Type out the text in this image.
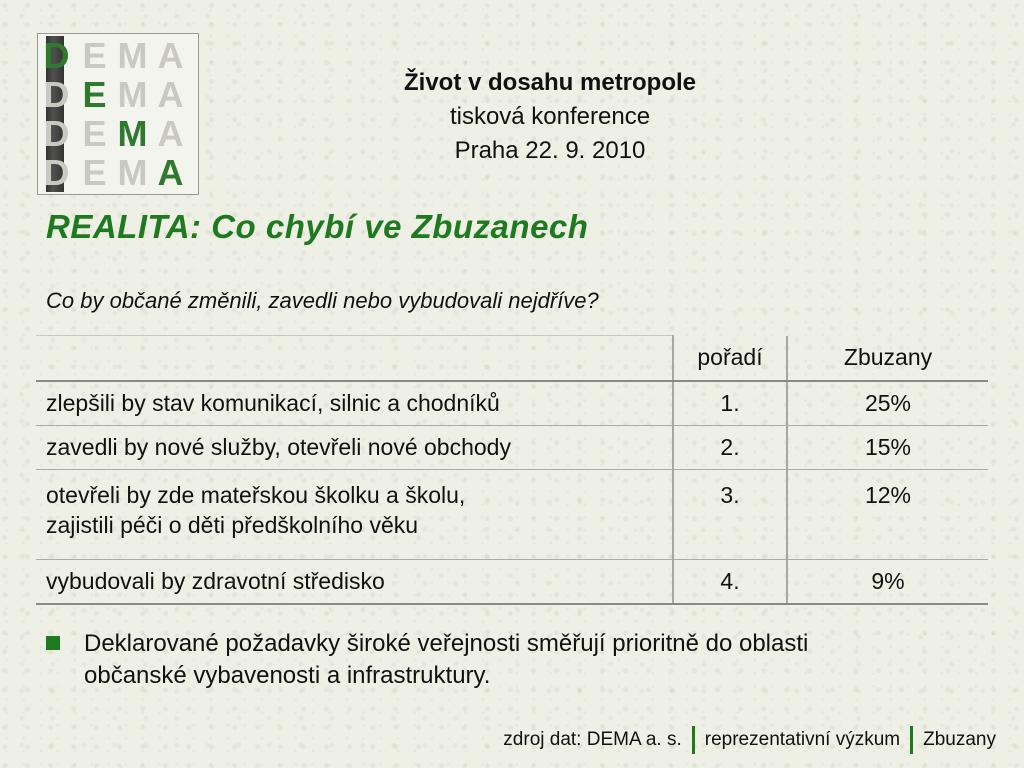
D E M A
D E M A
D E M A
D E M A
Život v dosahu metropole
tisková konference
Praha 22. 9. 2010
REALITA: Co chybí ve Zbuzanech
Co by občané změnili, zavedli nebo vybudovali nejdříve?
	pořadí	Zbuzany
zlepšili by stav komunikací, silnic a chodníků	1.	25%
zavedli by nové služby, otevřeli nové obchody	2.	15%

otevřeli by zde mateřskou školku a školu,
zajistili péči o děti předškolního věku	3.	12%
vybudovali by zdravotní středisko	4.	9%
Deklarované požadavky široké veřejnosti směřují prioritně do oblasti
občanské vybavenosti a infrastruktury.
zdroj dat: DEMA a. s. reprezentativní výzkum Zbuzany
